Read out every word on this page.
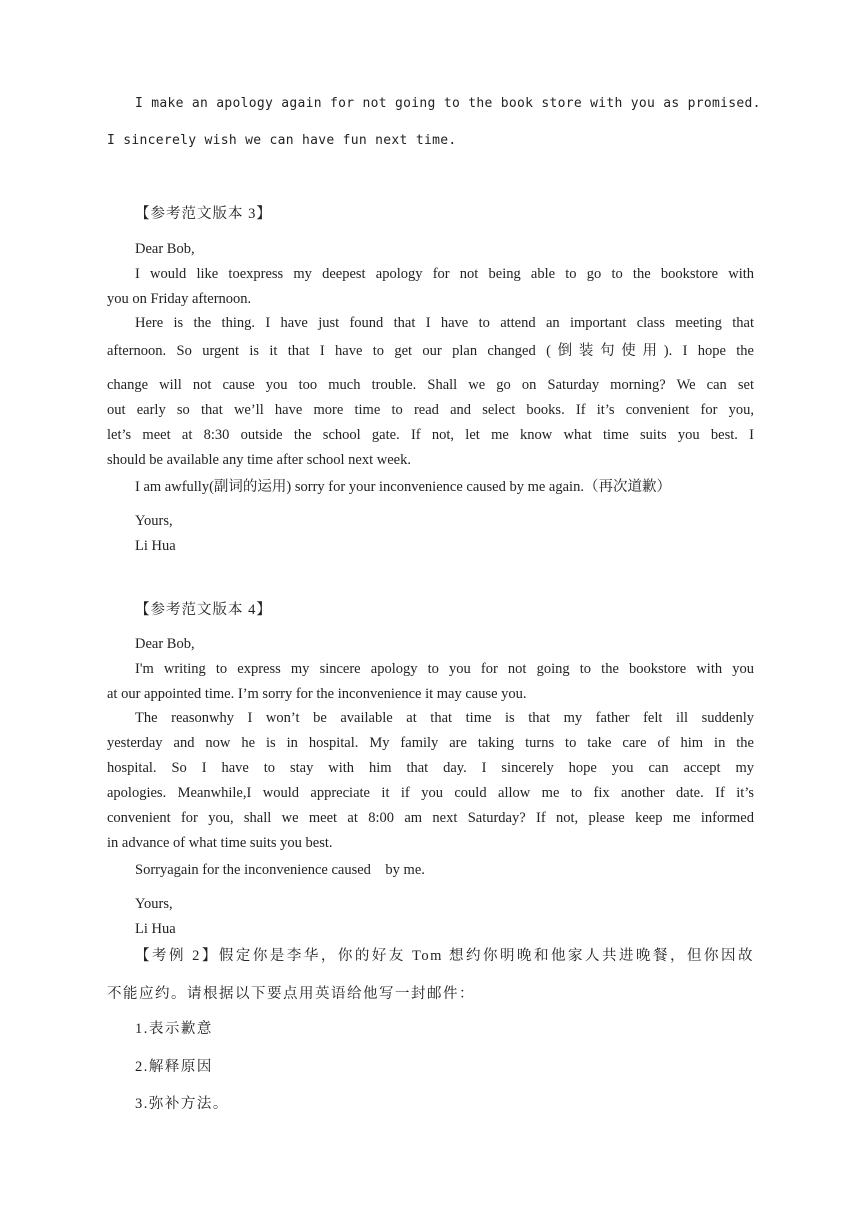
I make an apology again for not going to the book store with you as promised.
I sincerely wish we can have fun next time.
【参考范文版本 3】
Dear Bob,
I would like toexpress my deepest apology for not being able to go to the bookstore with
you on Friday afternoon.
Here is the thing. I have just found that I have to attend an important class meeting that
afternoon. So urgent is it that I have to get our plan changed (倒装句使用). I hope the
change will not cause you too much trouble. Shall we go on Saturday morning? We can set
out early so that we’ll have more time to read and select books. If it’s convenient for you,
let’s meet at 8:30 outside the school gate. If not, let me know what time suits you best. I
should be available any time after school next week.
I am awfully(副词的运用) sorry for your inconvenience caused by me again.（再次道歉）
Yours,
Li Hua
【参考范文版本 4】
Dear Bob,
I'm writing to express my sincere apology to you for not going to the bookstore with you
at our appointed time. I’m sorry for the inconvenience it may cause you.
The reasonwhy I won’t be available at that time is that my father felt ill suddenly
yesterday and now he is in hospital. My family are taking turns to take care of him in the
hospital. So I have to stay with him that day. I sincerely hope you can accept my
apologies. Meanwhile,I would appreciate it if you could allow me to fix another date. If it’s
convenient for you, shall we meet at 8:00 am next Saturday? If not, please keep me informed
in advance of what time suits you best.
Sorryagain for the inconvenience caused    by me.
Yours,
Li Hua
【考例 2】假定你是李华，你的好友 Tom 想约你明晚和他家人共进晚餐，但你因故
不能应约。请根据以下要点用英语给他写一封邮件：
1.表示歉意
2.解释原因
3.弥补方法。
